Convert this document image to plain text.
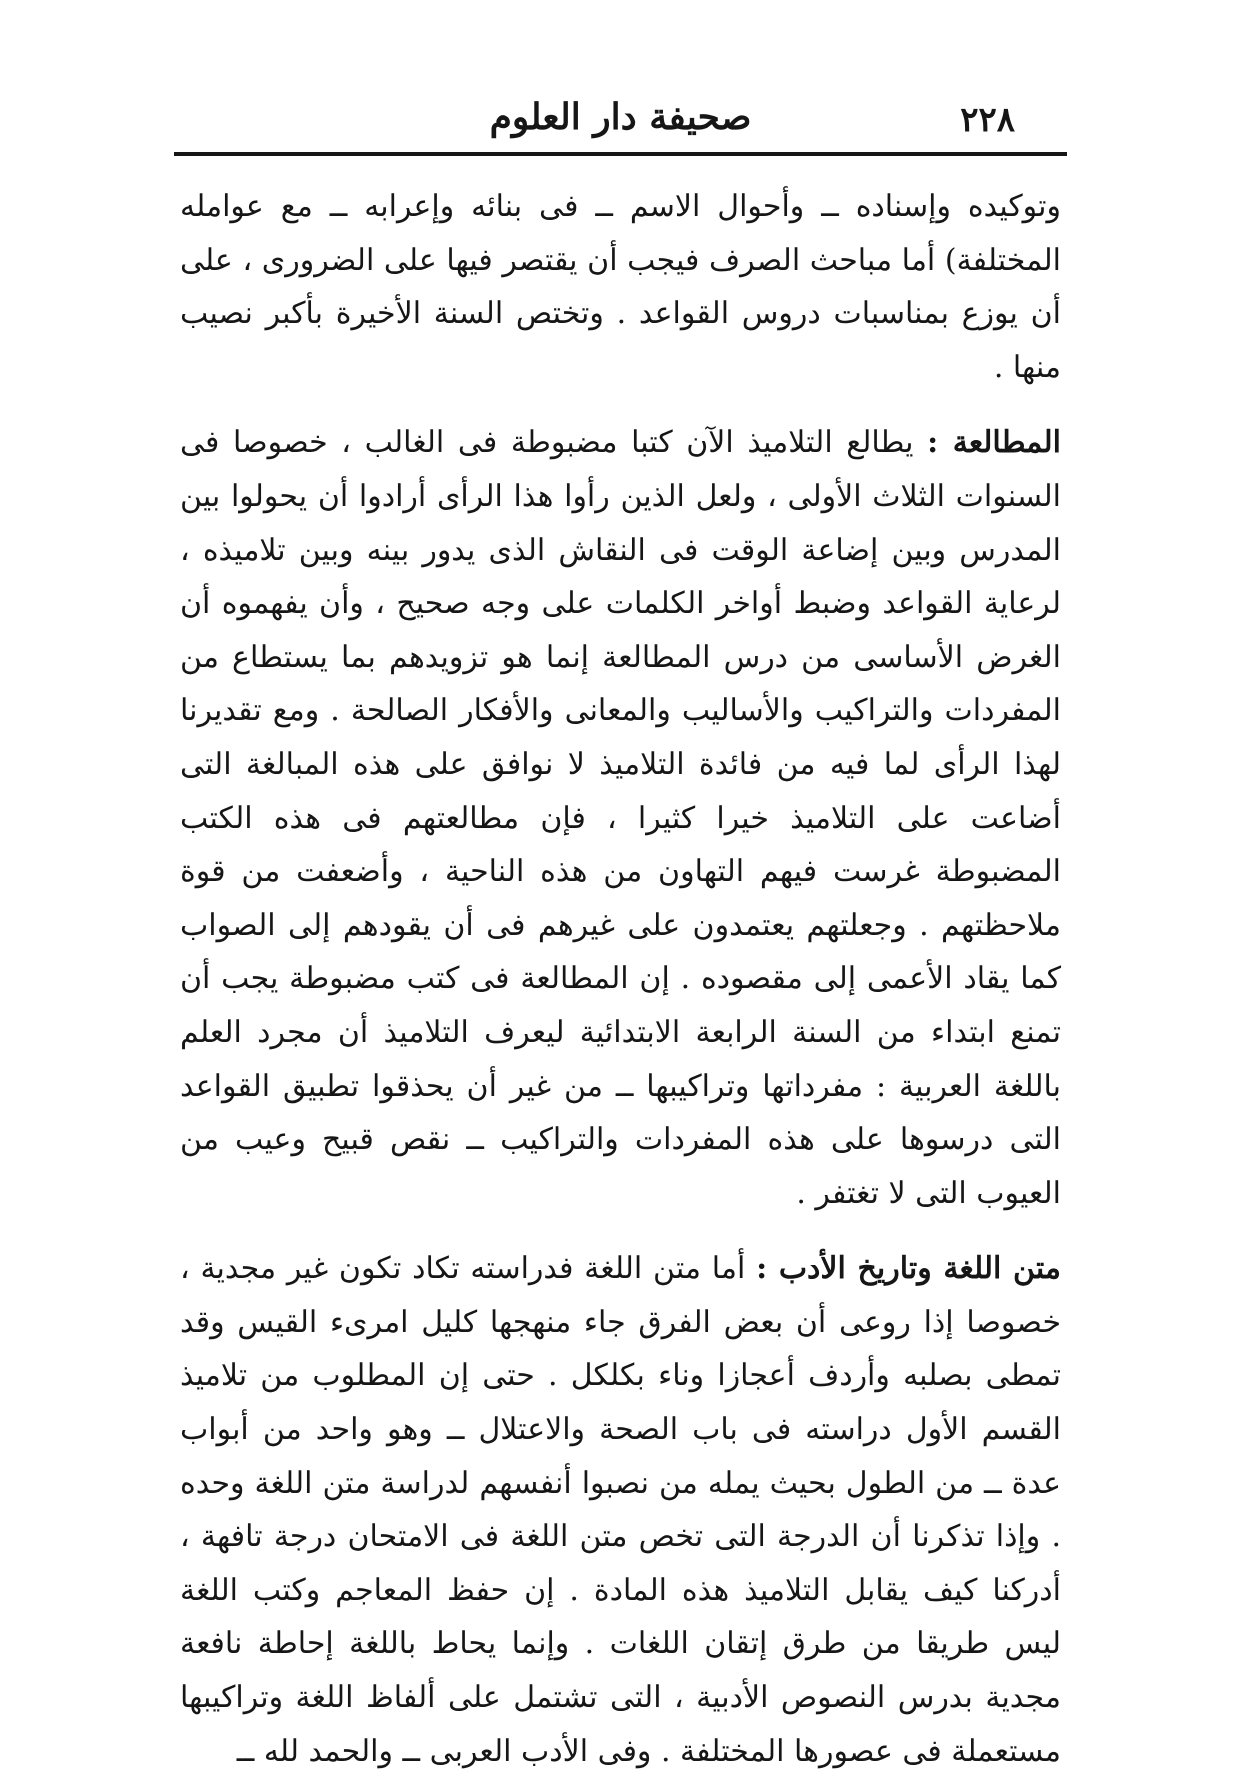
٢٢٨
صحيفة دار العلوم

وتوكيده وإسناده ــ وأحوال الاسم ــ فى بنائه وإعرابه ــ مع عوامله المختلفة) أما مباحث الصرف فيجب أن يقتصر فيها على الضرورى ، على أن يوزع بمناسبات دروس القواعد . وتختص السنة الأخيرة بأكبر نصيب منها .

المطالعة : يطالع التلاميذ الآن كتبا مضبوطة فى الغالب ، خصوصا فى السنوات الثلاث الأولى ، ولعل الذين رأوا هذا الرأى أرادوا أن يحولوا بين المدرس وبين إضاعة الوقت فى النقاش الذى يدور بينه وبين تلاميذه ، لرعاية القواعد وضبط أواخر الكلمات على وجه صحيح ، وأن يفهموه أن الغرض الأساسى من درس المطالعة إنما هو تزويدهم بما يستطاع من المفردات والتراكيب والأساليب والمعانى والأفكار الصالحة . ومع تقديرنا لهذا الرأى لما فيه من فائدة التلاميذ لا نوافق على هذه المبالغة التى أضاعت على التلاميذ خيرا كثيرا ، فإن مطالعتهم فى هذه الكتب المضبوطة غرست فيهم التهاون من هذه الناحية ، وأضعفت من قوة ملاحظتهم . وجعلتهم يعتمدون على غيرهم فى أن يقودهم إلى الصواب كما يقاد الأعمى إلى مقصوده . إن المطالعة فى كتب مضبوطة يجب أن تمنع ابتداء من السنة الرابعة الابتدائية ليعرف التلاميذ أن مجرد العلم باللغة العربية : مفرداتها وتراكيبها ــ من غير أن يحذقوا تطبيق القواعد التى درسوها على هذه المفردات والتراكيب ــ نقص قبيح وعيب من العيوب التى لا تغتفر .

متن اللغة وتاريخ الأدب : أما متن اللغة فدراسته تكاد تكون غير مجدية ، خصوصا إذا روعى أن بعض الفرق جاء منهجها كليل امرىء القيس وقد تمطى بصلبه وأردف أعجازا وناء بكلكل . حتى إن المطلوب من تلاميذ القسم الأول دراسته فى باب الصحة والاعتلال ــ وهو واحد من أبواب عدة ــ من الطول بحيث يمله من نصبوا أنفسهم لدراسة متن اللغة وحده . وإذا تذكرنا أن الدرجة التى تخص متن اللغة فى الامتحان درجة تافهة ، أدركنا كيف يقابل التلاميذ هذه المادة . إن حفظ المعاجم وكتب اللغة ليس طريقا من طرق إتقان اللغات . وإنما يحاط باللغة إحاطة نافعة مجدية بدرس النصوص الأدبية ، التى تشتمل على ألفاظ اللغة وتراكيبها مستعملة فى عصورها المختلفة . وفى الأدب العربى ــ والحمد لله ــ
